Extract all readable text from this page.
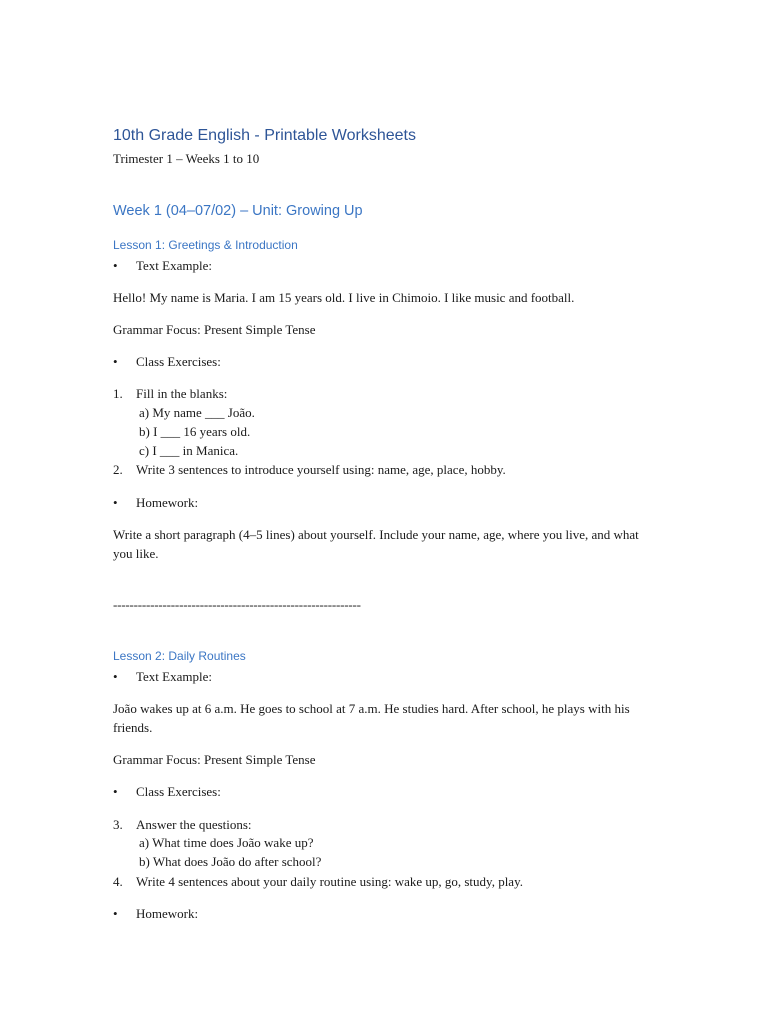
10th Grade English - Printable Worksheets
Trimester 1 – Weeks 1 to 10
Week 1 (04–07/02) – Unit: Growing Up
Lesson 1: Greetings & Introduction
• Text Example:
Hello! My name is Maria. I am 15 years old. I live in Chimoio. I like music and football.
Grammar Focus: Present Simple Tense
• Class Exercises:
1. Fill in the blanks:
a) My name ___ João.
b) I ___ 16 years old.
c) I ___ in Manica.
2. Write 3 sentences to introduce yourself using: name, age, place, hobby.
• Homework:
Write a short paragraph (4–5 lines) about yourself. Include your name, age, where you live, and what you like.
------------------------------------------------------------
Lesson 2: Daily Routines
• Text Example:
João wakes up at 6 a.m. He goes to school at 7 a.m. He studies hard. After school, he plays with his friends.
Grammar Focus: Present Simple Tense
• Class Exercises:
3. Answer the questions:
a) What time does João wake up?
b) What does João do after school?
4. Write 4 sentences about your daily routine using: wake up, go, study, play.
• Homework:
